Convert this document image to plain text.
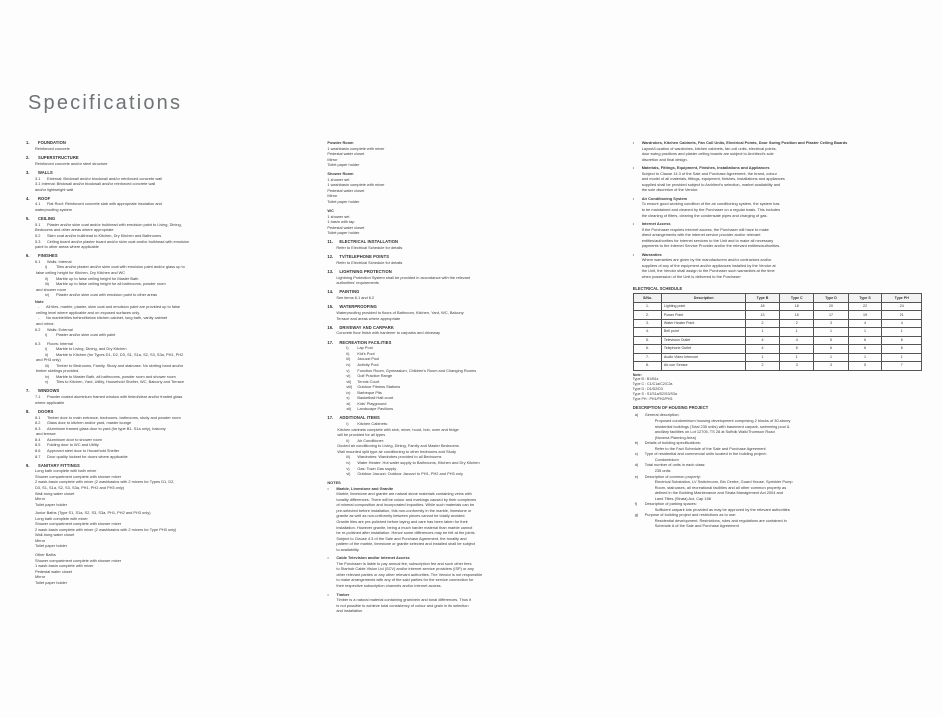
Specifications
1.	FOUNDATION
Reinforced concrete
2.	SUPERSTRUCTURE
Reinforced concrete and/or steel structure
3.	WALLS
3.1	External: Brickwall and/or blockwall and/or reinforced concrete wall
3.1 Internal: Brickwall and/or blockwall and/or reinforced concrete wall
and/or lightweight wall
4.	ROOF
4.1	Flat Roof: Reinforced concrete slab with appropriate insulation and
waterproofing system
5.	CEILING
5.1	Plaster and/or skim coat and/or bulkhead with emulsion paint to Living, Dining,
Bedrooms and other areas where appropriate
5.2	Skim coat and/or bulkhead to Kitchen, Dry Kitchen and Bathrooms
5.3	Ceiling board and/or plaster board and/or skim coat and/or bulkhead with emulsion
paint to other areas where applicable
6.	FINISHES
6.1	Walls: Internal
i)	Tiles and/or plaster and/or skim coat with emulsion paint and/or glass up to
false ceiling height for Kitchen, Dry Kitchen and WC
ii)	Marble up to false ceiling height for Master Bath
iii)	Marble up to false ceiling height for all bathrooms, powder room
and shower room
iv)	Plaster and/or skim coat with emulsion paint to other areas
Note
-	All tiles, marble, plaster, skim coat and emulsion paint are provided up to false
ceiling level where applicable and on exposed surfaces only.
-	No marble/tiles behind/below kitchen cabinet, long bath, vanity cabinet
and mirror.
6.2	Walls: External
i)	Plaster and/or skim coat with paint
6.3	Floors: Internal
i)	Marble to Living, Dining, and Dry Kitchen
ii)	Marble to Kitchen (for Types D1, D2, D3, S1, S1a, S2, S3, S3a, PH1, PH2
and PH3 only)
iii)	Timber to Bedrooms, Family, Study and staircase. No skirting band and/or
timber skirtings provided.
iv)	Marble to Master Bath, all bathrooms, powder room and shower room
v)	Tiles to Kitchen, Yard, Utility, Household Shelter, WC, Balcony and Terrace
7.	WINDOWS
7.1	Powder coated aluminium framed window with tinted/clear and/or frosted glass
where applicable
8.	DOORS
8.1	Timber door to main entrance, bedrooms, bathrooms, study and powder room
8.2	Glass door to kitchen and/or yard, master lounge
8.3	Aluminium framed glass door to yard (for type B1, S1a only), balcony
and terrace
8.4	Aluminium door to shower room
8.5	Folding door to WC and Utility
8.6	Approved steel door to Household Shelter
8.7	Door quality lockset for doors where applicable
9.	SANITARY FITTINGS
Long bath complete with bath mixer
Shower compartment complete with shower mixer
2 wash-basin complete with mixer (2 washbasins with 2 mixers for Types D1, D2,
D3, S1, S1a, S2, S3, S3a, PH1, PH2 and PH3 only)
Wall-hung water closet
Mirror
Toilet paper holder
Junior Baths (Type S1, S1a, S2, S3, S3a, PH1, PH2 and PH3 only)
Long bath complete with mixer
Shower compartment complete with shower mixer
2 wash-basin complete with mixer (2 washbasins with 2 mixers for Type PH3 only)
Wall-hung water closet
Mirror
Toilet paper holder
Other Baths
Shower compartment complete with shower mixer
1 wash-basin complete with mixer
Pedestal water closet
Mirror
Toilet paper holder
Powder Room
1 washbasin complete with mixer
Pedestal water closet
Mirror
Toilet paper holder
Shower Room
1 shower set
1 washbasin complete with mixer
Pedestal water closet
Mirror
Toilet paper holder
WC
1 shower set
1 basin with tap
Pedestal water closet
Toilet paper holder
11.	ELECTRICAL INSTALLATION
Refer to Electrical Schedule for details
12.	TV/TELEPHONE POINTS
Refer to Electrical Schedule for details
13.	LIGHTNING PROTECTION
Lightning Protection System shall be provided in accordance with the relevant
authorities' requirements
14.	PAINTING
See items 6.1 and 6.2
15.	WATERPROOFING
Waterproofing provided to floors of Bathroom, Kitchen, Yard, WC, Balcony
Terrace and areas where appropriate
16.	DRIVEWAY AND CARPARK
Concrete floor finish with hardener to carparks and driveway
17.	RECREATION FACILITIES
i)	Lap Pool
ii)	Kid's Pool
iii)	Jacuzzi Pool
iv)	Activity Pool
v)	Function Room, Gymnasium, Children's Room and Changing Rooms
vi)	Golf Practice Range
vii)	Tennis Court
viii)	Outdoor Fitness Stations
ix)	Barbeque Pits
x)	Basketball Half-court
xi)	Kids' Playground
xii)	Landscape Pavilions
17.	ADDITIONAL ITEMS
i)	Kitchen Cabinets:
Kitchen cabinets complete with sink, mixer, hood, hob, oven and fridge
will be provided for all types
ii)	Air Conditioner:
Ducted air conditioning to Living, Dining, Family and Master Bedrooms.
Wall mounted split type air conditioning to other bedrooms and Study
iii)	Wardrobes: Wardrobes provided to all Bedrooms
iv)	Water Heater: Hot water supply to Bathrooms, Kitchen and Dry Kitchen
v)	Gas: Town Gas supply
vi)	Outdoor Jacuzzi: Outdoor Jacuzzi to PH1, PH2 and PH3 only
NOTES
•	Marble, Limestone and Granite
Marble, limestone and granite are natural stone materials containing veins with
tonality differences. There will be colour and markings caused by their complexes
of mineral composition and incorporated impurities. While such materials can be
pre-selected before installation, this non-conformity in the marble, limestone or
granite as well as non-uniformity between pieces cannot be totally avoided.
Granite tiles are pre-polished before laying and care has been taken for their
installation. However granite, being a much harder material than marble cannot
be re-polished after installation. Hence some differences may be felt at the joints.
Subject to Clause 4.3 of the Sale and Purchase Agreement, the tonality and
pattern of the marble, limestone or granite selected and installed shall be subject
to availability.
•	Cable Television and/or Internet Access
The Purchaser is liable to pay annual fee, subscription fee and such other fees
to Starhub Cable Vision Ltd (SCV) and/or internet service providers (ISP) or any
other relevant parties or any other relevant authorities. The Vendor is not responsible
to make arrangements with any of the said parties for the service connection for
their respective subscription channels and/or internet access.
•	Timber
Timber is a natural material containing grain/vein and tonal differences. Thus it
is not possible to achieve total consistency of colour and grain in its selection
and installation
•	Wardrobes, Kitchen Cabinets, Fan Coil Units, Electrical Points, Door Swing Position and Plaster Ceiling Boards
Layout/Location of wardrobes, kitchen cabinets, fan coil units, electrical points,
door swing positions and plaster ceiling boards are subject to Architect's sole
discretion and final design.
•	Materials, Fittings, Equipment, Finishes, Installations and Appliances
Subject to Clause 14.3 of the Sale and Purchase Agreement, the brand, colour
and model of all materials, fittings, equipment, finishes, installations and appliances
supplied shall be provided subject to Architect's selection, market availability and
the sole discretion of the Vendor.
•	Air Conditioning System
To ensure good working condition of the air conditioning system, the system has
to be maintained and cleaned by the Purchaser on a regular basis. This includes
the cleaning of filters, clearing the condensate pipes and charging of gas.
•	Internet Access
If the Purchaser requires internet access, the Purchaser will have to make
direct arrangements with the internet service provider and/or relevant
entities/authorities for internet services to the Unit and to make all necessary
payments to the Internet Service Provider and/or the relevant entities/authorities.
•	Warranties
Where warranties are given by the manufacturers and/or contractors and/or
suppliers of any of the equipment and/or appliances installed by the Vendor at
the Unit, the Vendor shall assign to the Purchaser such warranties at the time
when possession of the Unit is delivered to the Purchaser
ELECTRICAL SCHEDULE
S/No.	Description	Type B	Type C	Type D	Type S	Type PH
1.	Lighting point	18	18	20	22	24
2.	Power Point	13	15	17	19	21
3.	Water Heater Point	2	2	3	4	4
4.	Bell point	1	1	1	1	1
5.	Television Outlet	4	4	5	6	6
6.	Telephone Outlet	4	5	6	6	6
7.	Audio Video Intercom	1	1	1	1	1
8.	Air-con Sensor	2	3	3	5	7
Note:
Type B : B1/B1s
Type C : C1/C1a/C2/C2a
Type D : D1/D2/D3
Type S : S1/S1a/S2/S3/S3a
Type PH : PH1/PH2/PH3
DESCRIPTION OF HOUSING PROJECT
a)	General description:
Proposed condominium housing development comprising 2 blocks of 30-storey
residential buildings (Total 235 units) with basement carpark, swimming pool &
ancillary facilities on Lot 12705, TS 28 at Suffolk Walk/Thomson Road
(Novena Planning Area)
b)	Details of building specifications:
Refer to the Fact Schedule of the Sale and Purchase Agreement
c)	Type of residential and commercial units located in the building project:
Condominium
d)	Total number of units in each class:
235 units
e)	Description of common property:
Electrical Substation, LV Switchroom, Bin Centre, Guard House, Sprinkler Pump
Room, staircases, all recreational facilities and all other common property as
defined in the Building Maintenance and Strata Management Act 2004 and
Land Titles (Strata) Act, Cap 158
f)	Description of parking spaces:
Sufficient carpark lots provided as may be approved by the relevant authorities
g)	Purpose of building project and restrictions as to use:
Residential development. Restrictions, rules and regulations are contained in
Schedule A of the Sale and Purchase Agreement
